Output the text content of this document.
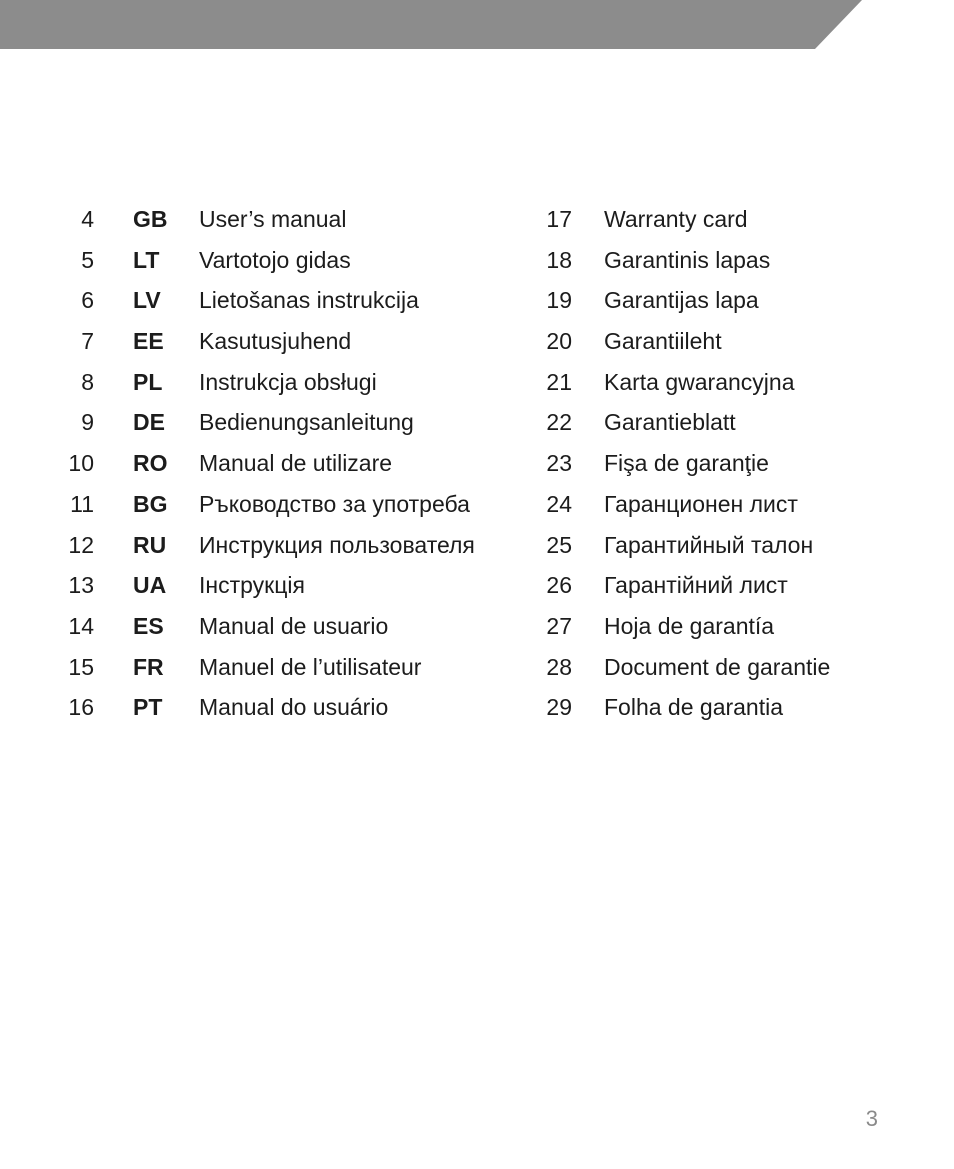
4 GB User’s manual
5 LT Vartotojo gidas
6 LV Lietošanas instrukcija
7 EE Kasutusjuhend
8 PL Instrukcja obsługi
9 DE Bedienungsanleitung
10 RO Manual de utilizare
11 BG Ръководство за употреба
12 RU Инструкция пользователя
13 UA Інструкція
14 ES Manual de usuario
15 FR Manuel de l’utilisateur
16 PT Manual do usuário
17 Warranty card
18 Garantinis lapas
19 Garantijas lapa
20 Garantiileht
21 Karta gwarancyjna
22 Garantieblatt
23 Fişa de garanţie
24 Гаранционен лист
25 Гарантийный талон
26 Гарантійний лист
27 Hoja de garantía
28 Document de garantie
29 Folha de garantia
3
